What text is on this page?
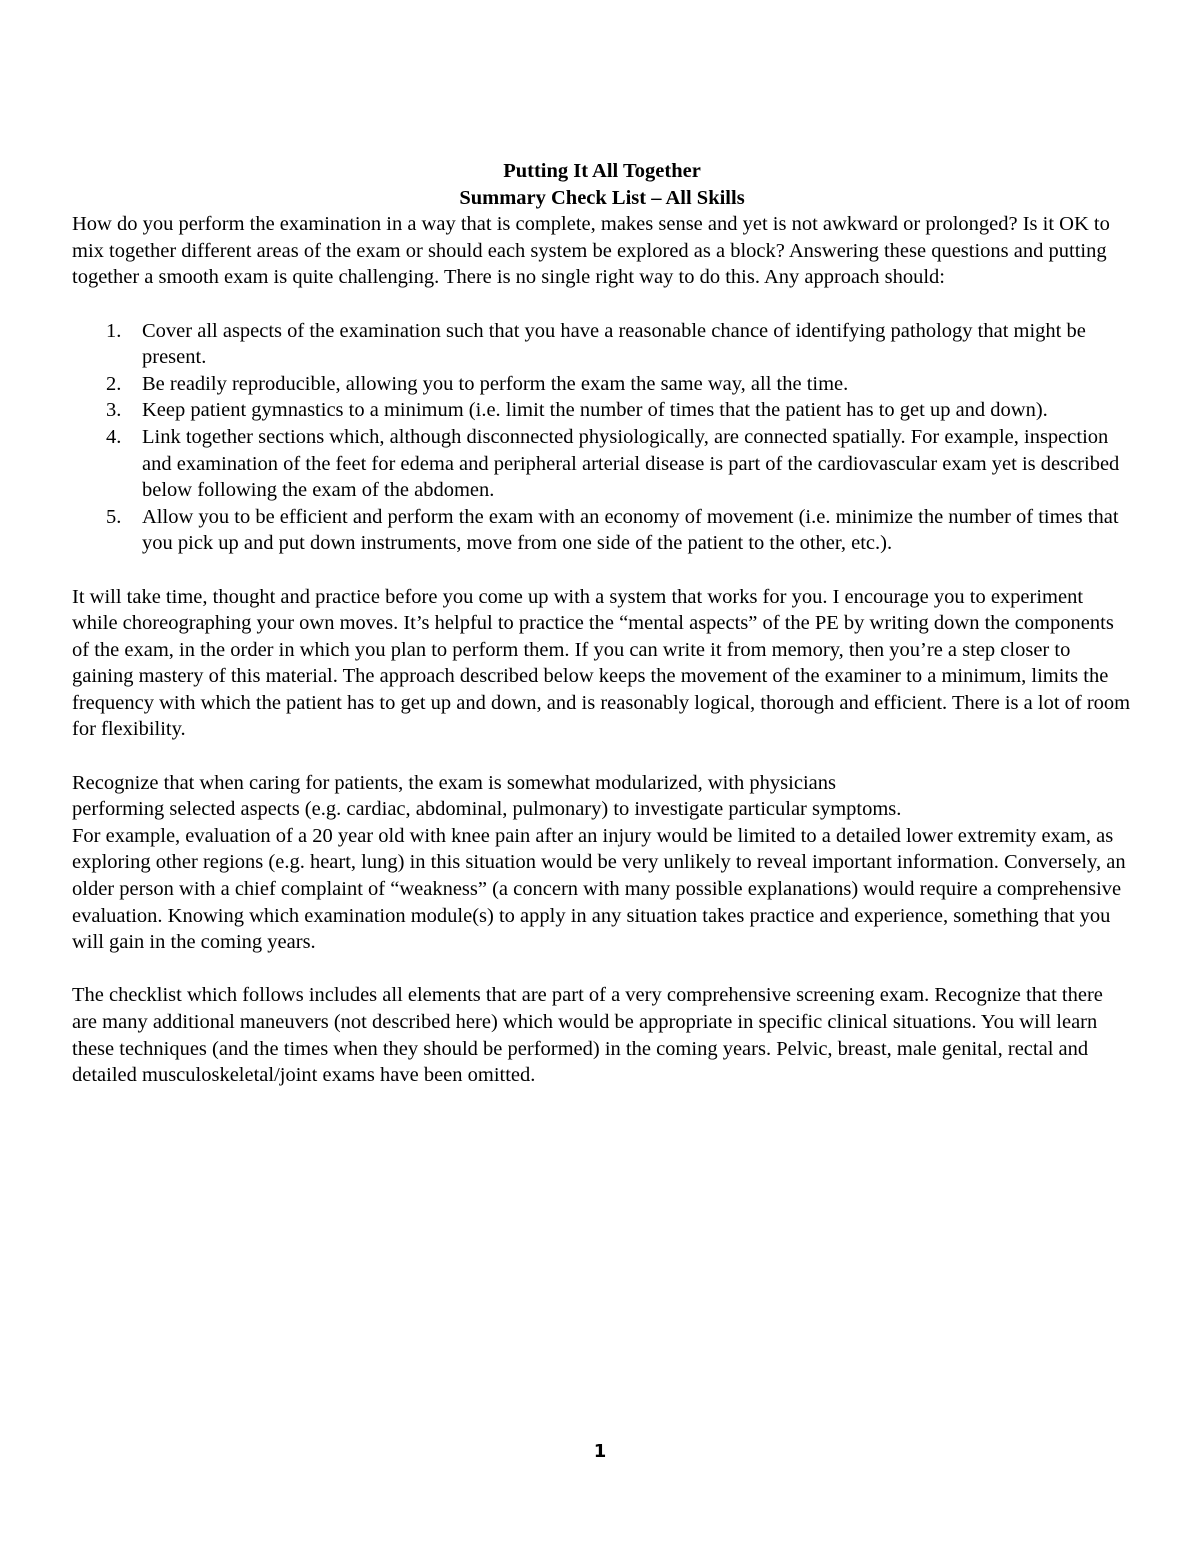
Putting It All Together

Summary Check List – All Skills

How do you perform the examination in a way that is complete, makes sense and yet is not awkward or prolonged? Is it OK to mix together different areas of the exam or should each system be explored as a block? Answering these questions and putting together a smooth exam is quite challenging. There is no single right way to do this. Any approach should:

1. Cover all aspects of the examination such that you have a reasonable chance of identifying pathology that might be present.
2. Be readily reproducible, allowing you to perform the exam the same way, all the time.
3. Keep patient gymnastics to a minimum (i.e. limit the number of times that the patient has to get up and down).
4. Link together sections which, although disconnected physiologically, are connected spatially. For example, inspection and examination of the feet for edema and peripheral arterial disease is part of the cardiovascular exam yet is described below following the exam of the abdomen.
5. Allow you to be efficient and perform the exam with an economy of movement (i.e. minimize the number of times that you pick up and put down instruments, move from one side of the patient to the other, etc.).

It will take time, thought and practice before you come up with a system that works for you. I encourage you to experiment while choreographing your own moves. It’s helpful to practice the “mental aspects” of the PE by writing down the components of the exam, in the order in which you plan to perform them. If you can write it from memory, then you’re a step closer to gaining mastery of this material. The approach described below keeps the movement of the examiner to a minimum, limits the frequency with which the patient has to get up and down, and is reasonably logical, thorough and efficient. There is a lot of room for flexibility.

Recognize that when caring for patients, the exam is somewhat modularized, with physicians

performing selected aspects (e.g. cardiac, abdominal, pulmonary) to investigate particular symptoms.

For example, evaluation of a 20 year old with knee pain after an injury would be limited to a detailed lower extremity exam, as exploring other regions (e.g. heart, lung) in this situation would be very unlikely to reveal important information. Conversely, an older person with a chief complaint of “weakness” (a concern with many possible explanations) would require a comprehensive evaluation. Knowing which examination module(s) to apply in any situation takes practice and experience, something that you will gain in the coming years.

The checklist which follows includes all elements that are part of a very comprehensive screening exam. Recognize that there are many additional maneuvers (not described here) which would be appropriate in specific clinical situations. You will learn these techniques (and the times when they should be performed) in the coming years. Pelvic, breast, male genital, rectal and detailed musculoskeletal/joint exams have been omitted.

1
